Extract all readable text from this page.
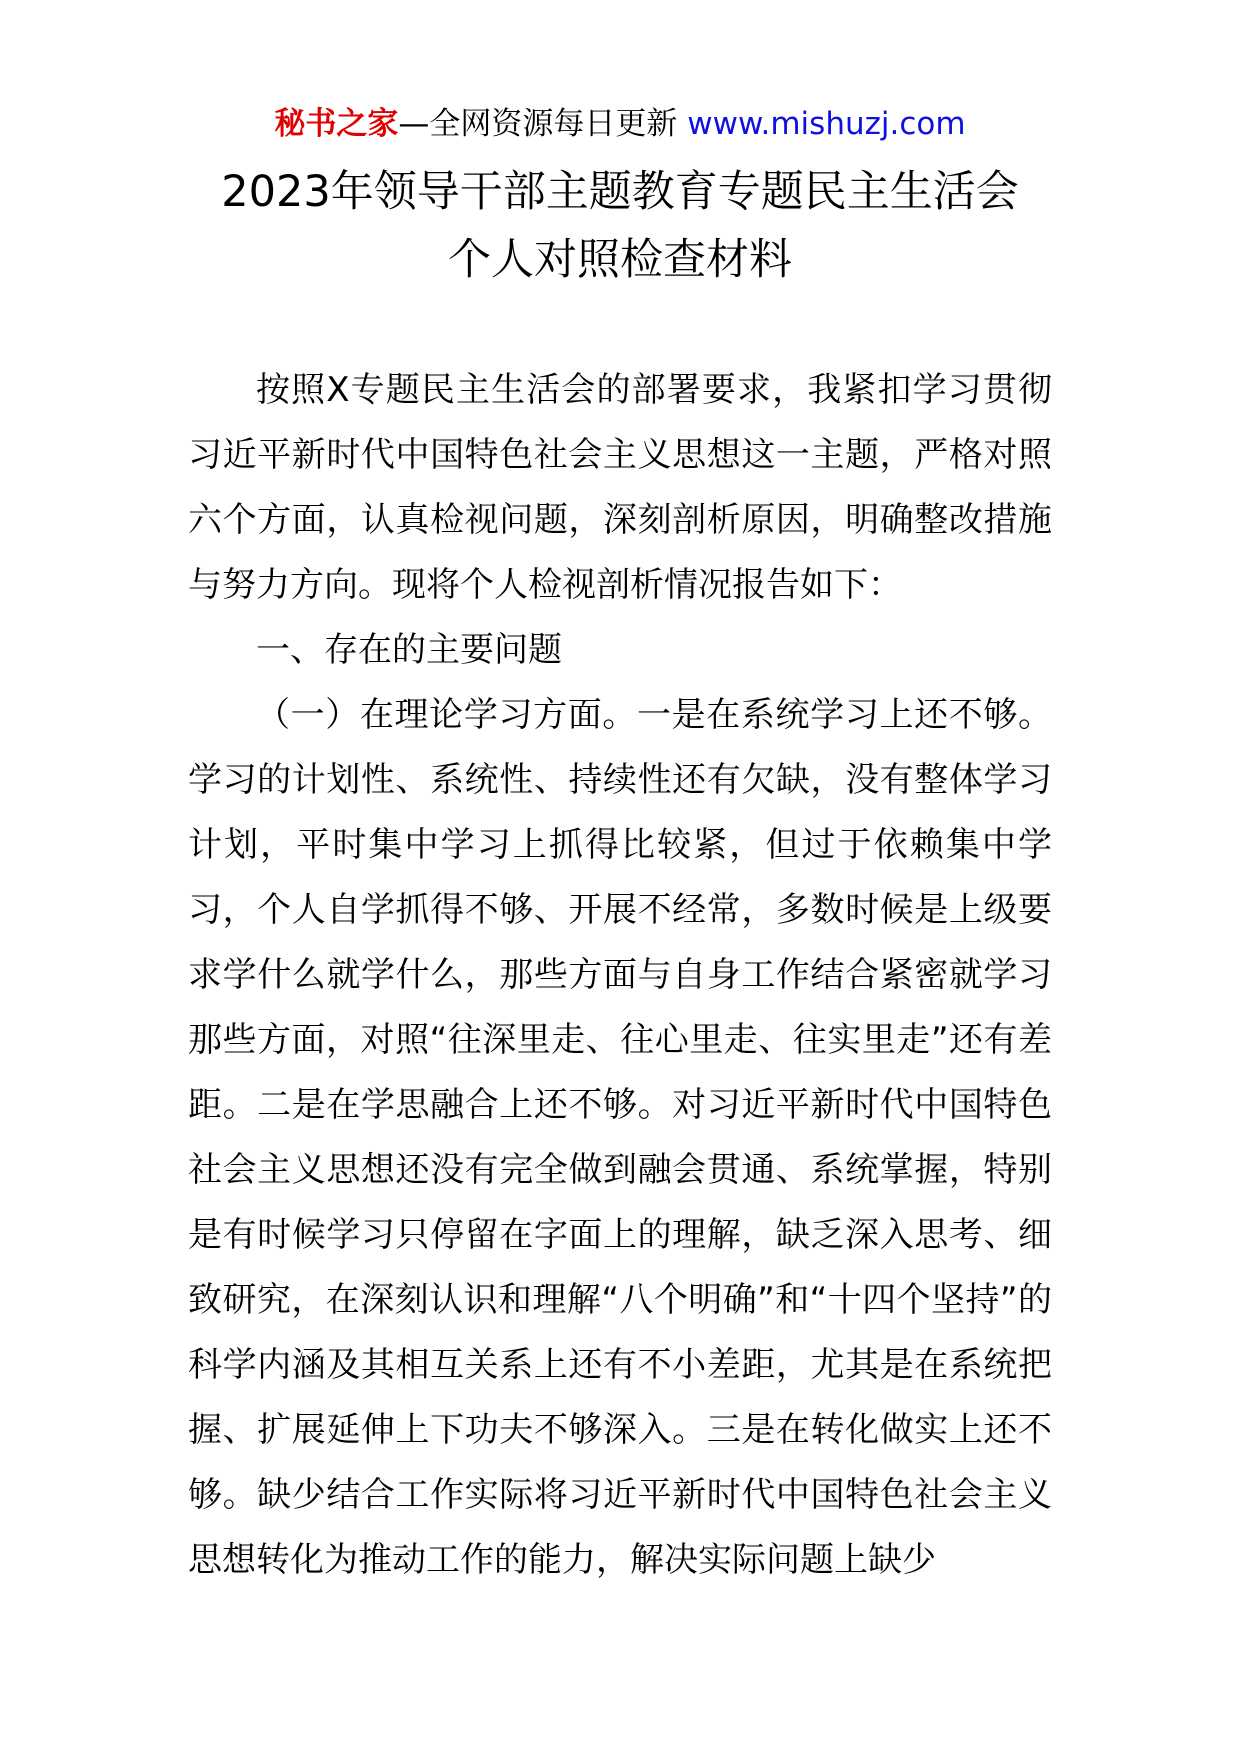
秘书之家—全网资源每日更新 www.mishuzj.com
2023年领导干部主题教育专题民主生活会
个人对照检查材料

按照X专题民主生活会的部署要求，我紧扣学习贯彻习近平新时代中国特色社会主义思想这一主题，严格对照六个方面，认真检视问题，深刻剖析原因，明确整改措施与努力方向。现将个人检视剖析情况报告如下：

一、存在的主要问题

（一）在理论学习方面。一是在系统学习上还不够。学习的计划性、系统性、持续性还有欠缺，没有整体学习计划，平时集中学习上抓得比较紧，但过于依赖集中学习，个人自学抓得不够、开展不经常，多数时候是上级要求学什么就学什么，那些方面与自身工作结合紧密就学习那些方面，对照“往深里走、往心里走、往实里走”还有差距。二是在学思融合上还不够。对习近平新时代中国特色社会主义思想还没有完全做到融会贯通、系统掌握，特别是有时候学习只停留在字面上的理解，缺乏深入思考、细致研究，在深刻认识和理解“八个明确”和“十四个坚持”的科学内涵及其相互关系上还有不小差距，尤其是在系统把握、扩展延伸上下功夫不够深入。三是在转化做实上还不够。缺少结合工作实际将习近平新时代中国特色社会主义思想转化为推动工作的能力，解决实际问题上缺少
